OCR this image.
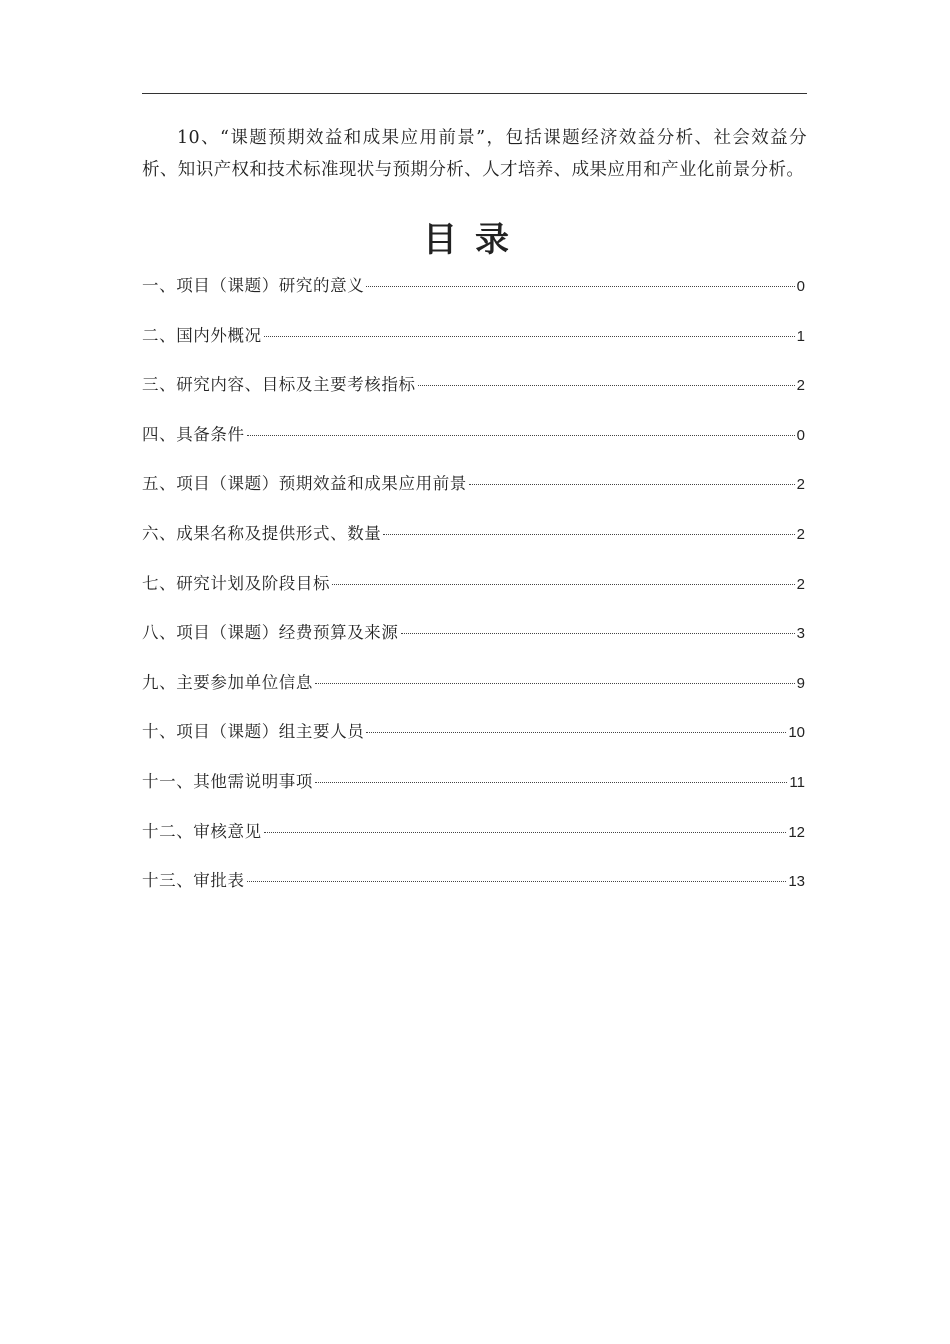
10、“课题预期效益和成果应用前景”，包括课题经济效益分析、社会效益分析、知识产权和技术标准现状与预期分析、人才培养、成果应用和产业化前景分析。

目录
一、项目（课题）研究的意义	0
二、国内外概况	1
三、研究内容、目标及主要考核指标	2
四、具备条件	0
五、项目（课题）预期效益和成果应用前景	2
六、成果名称及提供形式、数量	2
七、研究计划及阶段目标	2
八、项目（课题）经费预算及来源	3
九、主要参加单位信息	9
十、项目（课题）组主要人员	10
十一、其他需说明事项	11
十二、审核意见	12
十三、审批表	13
